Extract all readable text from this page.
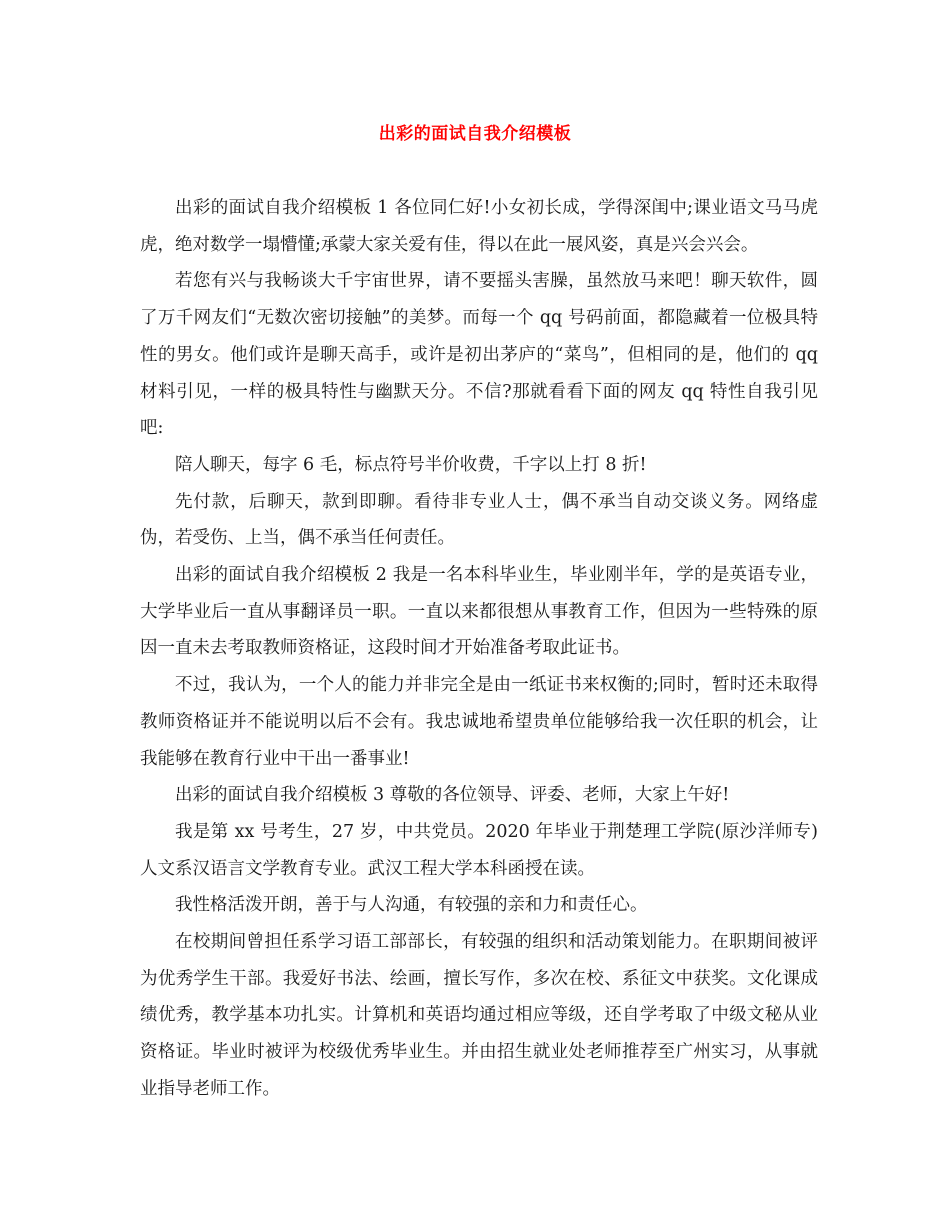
出彩的面试自我介绍模板

出彩的面试自我介绍模板 1 各位同仁好!小女初长成，学得深闺中;课业语文马马虎虎，绝对数学一塌懵懂;承蒙大家关爱有佳，得以在此一展风姿，真是兴会兴会。

若您有兴与我畅谈大千宇宙世界，请不要摇头害臊，虽然放马来吧！聊天软件，圆了万千网友们“无数次密切接触”的美梦。而每一个 qq 号码前面，都隐藏着一位极具特性的男女。他们或许是聊天高手，或许是初出茅庐的“菜鸟”，但相同的是，他们的 qq 材料引见，一样的极具特性与幽默天分。不信?那就看看下面的网友 qq 特性自我引见吧:

陪人聊天，每字 6 毛，标点符号半价收费，千字以上打 8 折!

先付款，后聊天，款到即聊。看待非专业人士，偶不承当自动交谈义务。网络虚伪，若受伤、上当，偶不承当任何责任。

出彩的面试自我介绍模板 2 我是一名本科毕业生，毕业刚半年，学的是英语专业，大学毕业后一直从事翻译员一职。一直以来都很想从事教育工作，但因为一些特殊的原因一直未去考取教师资格证，这段时间才开始准备考取此证书。

不过，我认为，一个人的能力并非完全是由一纸证书来权衡的;同时，暂时还未取得教师资格证并不能说明以后不会有。我忠诚地希望贵单位能够给我一次任职的机会，让我能够在教育行业中干出一番事业!

出彩的面试自我介绍模板 3 尊敬的各位领导、评委、老师，大家上午好!

我是第 xx 号考生，27 岁，中共党员。2020 年毕业于荆楚理工学院(原沙洋师专)人文系汉语言文学教育专业。武汉工程大学本科函授在读。

我性格活泼开朗，善于与人沟通，有较强的亲和力和责任心。

在校期间曾担任系学习语工部部长，有较强的组织和活动策划能力。在职期间被评为优秀学生干部。我爱好书法、绘画，擅长写作，多次在校、系征文中获奖。文化课成绩优秀，教学基本功扎实。计算机和英语均通过相应等级，还自学考取了中级文秘从业资格证。毕业时被评为校级优秀毕业生。并由招生就业处老师推荐至广州实习，从事就业指导老师工作。
